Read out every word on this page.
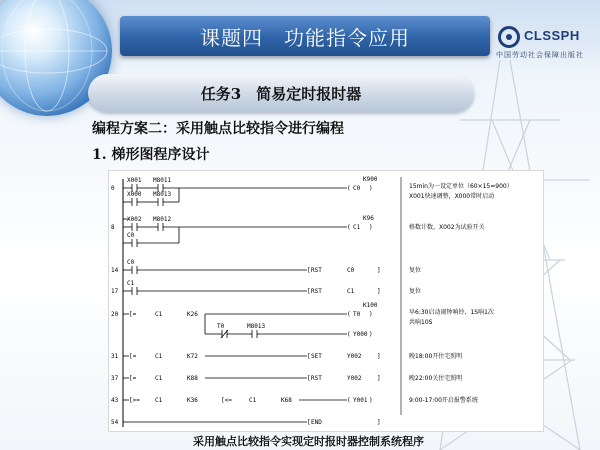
课题四　功能指令应用	CLSSPH
中国劳动社会保障出版社
任务3　简易定时报时器
编程方案二：采用触点比较指令进行编程
1. 梯形图程序设计
0
X001 M8011
( C0 )
K900
X000 M8013
15min为一设定单位（60×15=900）
X001快速调整，X000常时启动
8
X002 M8012
( C1 )
K96
C0
格数计数，X002为试验开关
14
C0
[ RST	C0	]	复位
17
C1
[ RST	C1	]	复位
20 [=	C1	K26	( T0 )
K100
T0	M8013
( Y000 )
早6:30启动闹钟响铃，1S响1次
共响10S
31 [=	C1	K72	[ SET	Y002	]	晚18:00开住宅照明
37 [=	C1	K88	[ RST	Y002	]	晚22:00关住宅照明
43 [>=	C1	K36	[<=	C1	K68	( Y001 )	9:00-17:00开启报警系统
54	[ END	]
采用触点比较指令实现定时报时器控制系统程序
